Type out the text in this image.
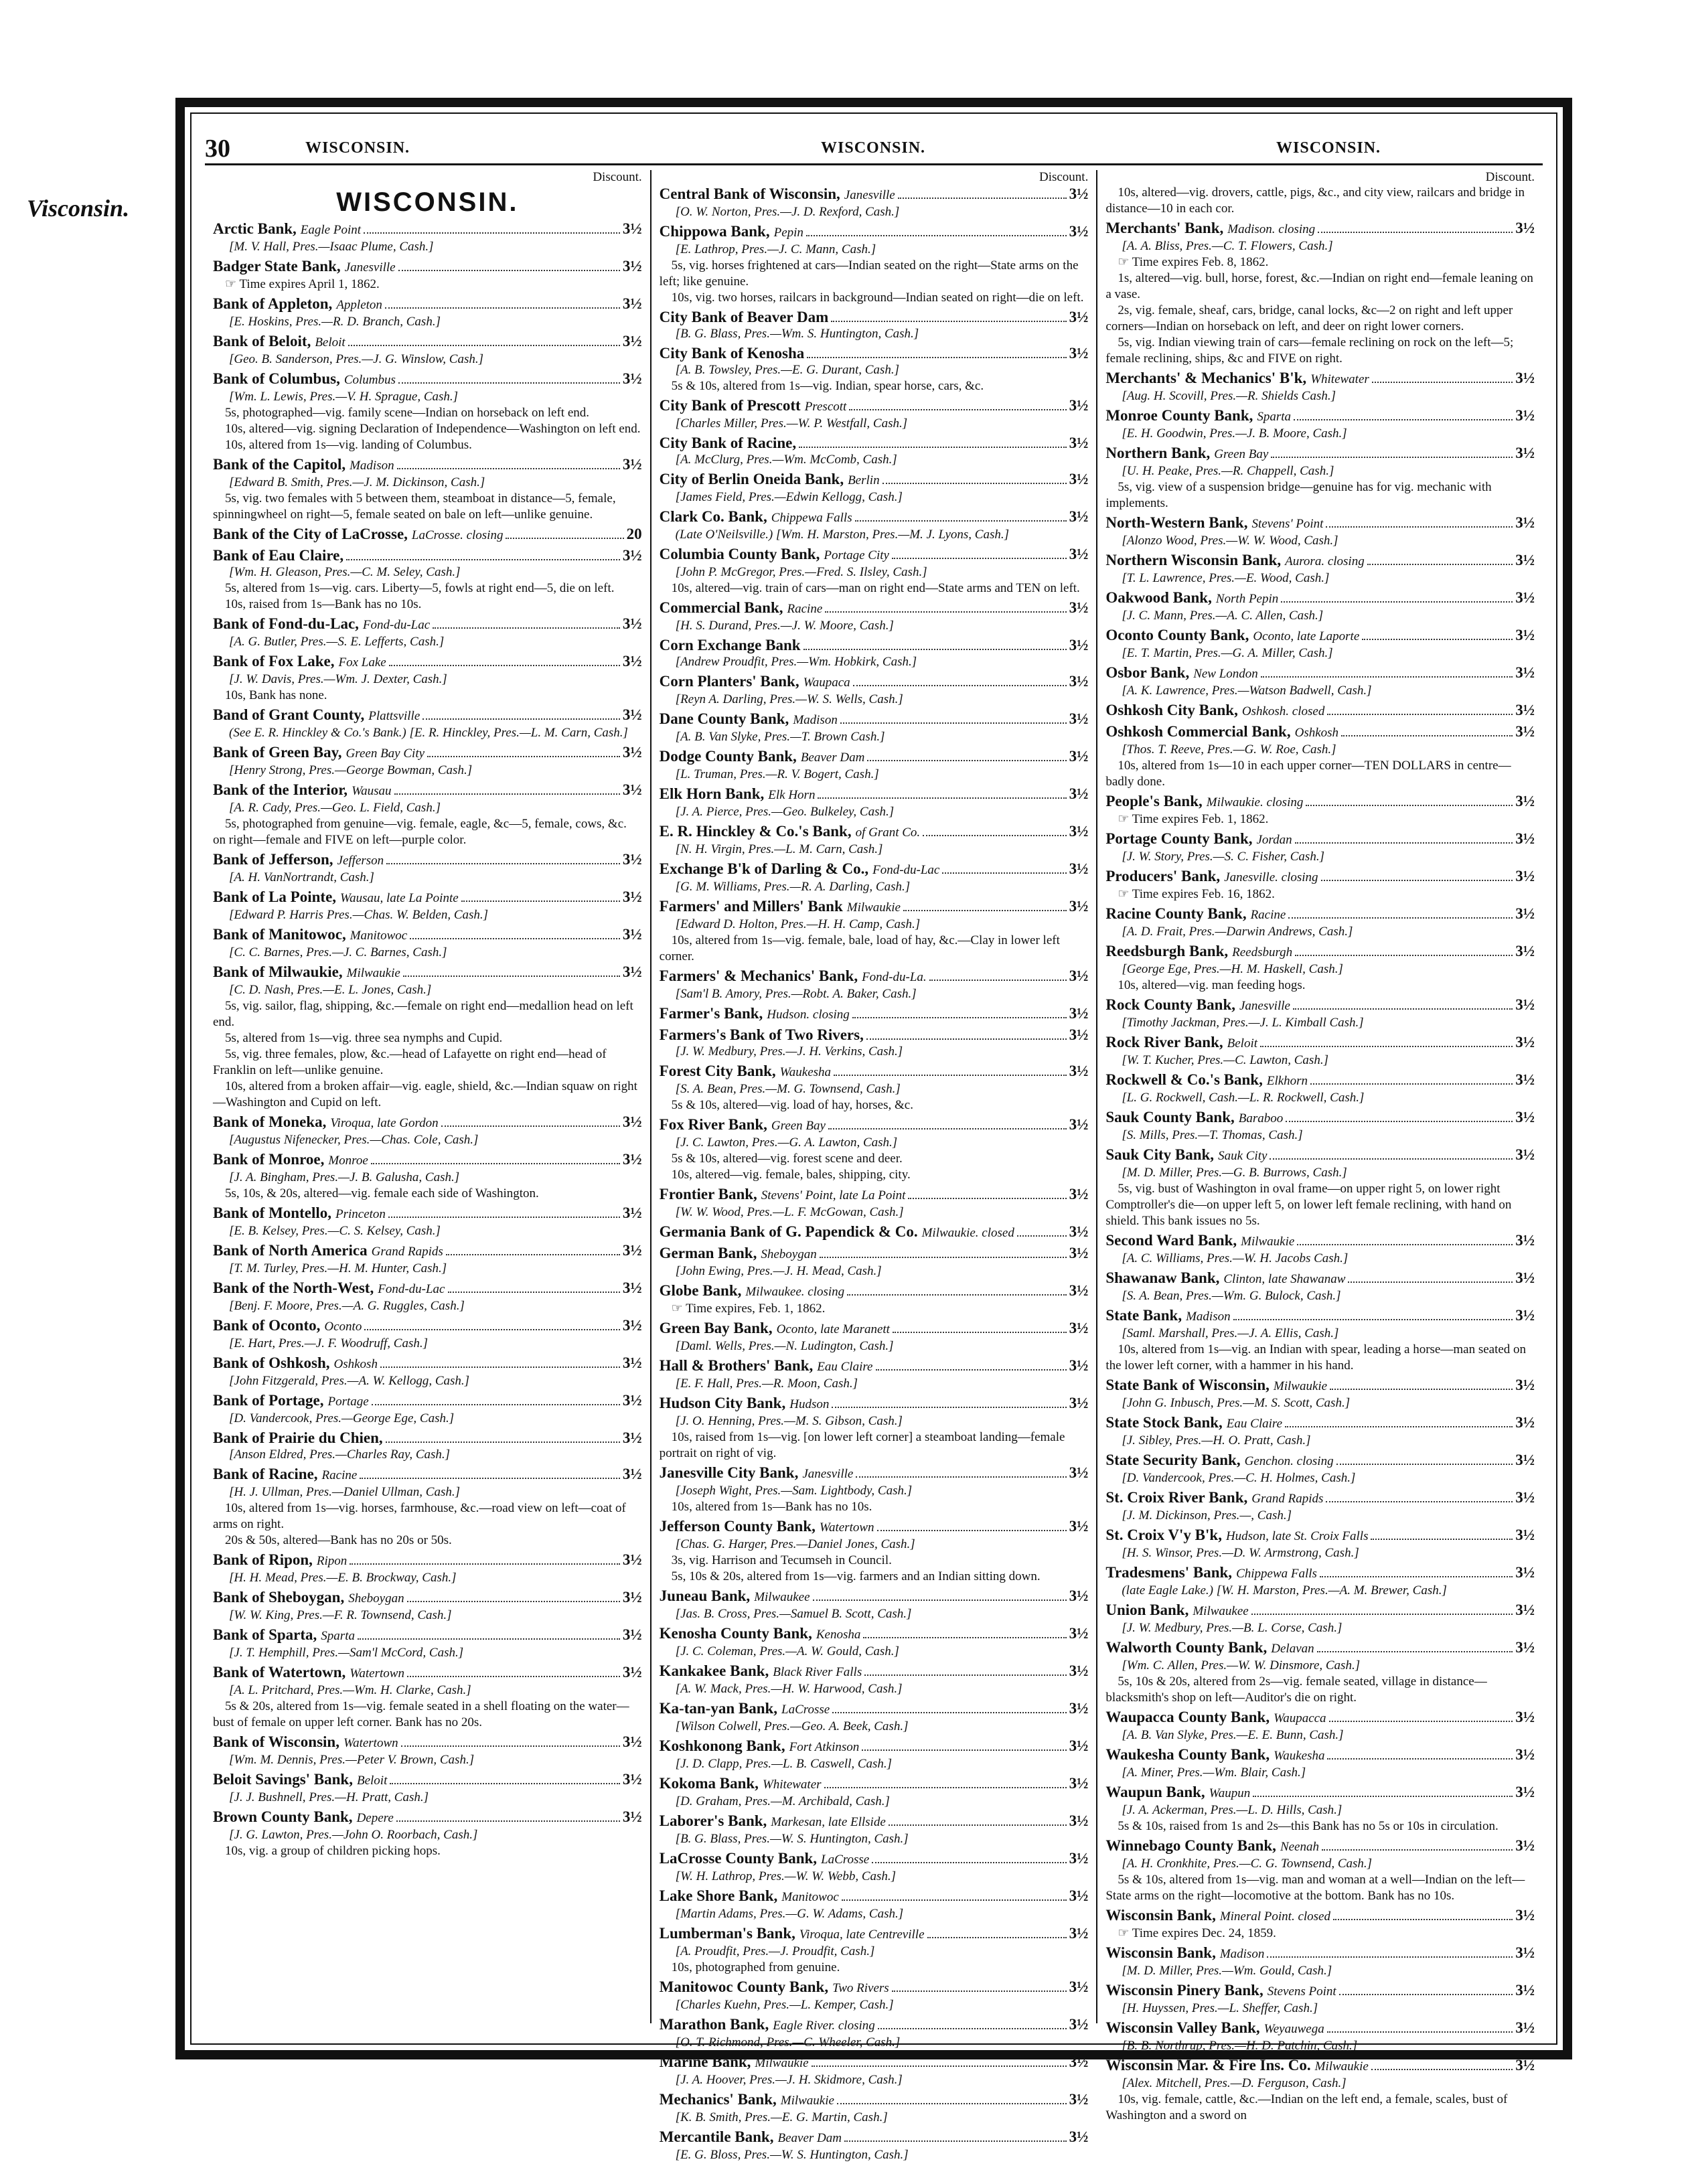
Visconsin.
30	WISCONSIN.	WISCONSIN.	WISCONSIN.
Discount.
WISCONSIN.
Arctic Bank, Eagle Point	3½
[M. V. Hall, Pres.—Isaac Plume, Cash.]
Badger State Bank, Janesville	3½
☞ Time expires April 1, 1862.
Bank of Appleton, Appleton	3½
[E. Hoskins, Pres.—R. D. Branch, Cash.]
Bank of Beloit, Beloit	3½
[Geo. B. Sanderson, Pres.—J. G. Winslow, Cash.]
Bank of Columbus, Columbus	3½
[Wm. L. Lewis, Pres.—V. H. Sprague, Cash.]
5s, photographed—vig. family scene—Indian on horseback on left end.
10s, altered—vig. signing Declaration of Independence—Washington on left end.
10s, altered from 1s—vig. landing of Columbus.
Bank of the Capitol, Madison	3½
[Edward B. Smith, Pres.—J. M. Dickinson, Cash.]
5s, vig. two females with 5 between them, steamboat in distance—5, female, spinningwheel on right—5, female seated on bale on left—unlike genuine.
Bank of the City of LaCrosse, LaCrosse. closing	20
Bank of Eau Claire,	3½
[Wm. H. Gleason, Pres.—C. M. Seley, Cash.]
5s, altered from 1s—vig. cars. Liberty—5, fowls at right end—5, die on left.
10s, raised from 1s—Bank has no 10s.
Bank of Fond-du-Lac, Fond-du-Lac	3½
[A. G. Butler, Pres.—S. E. Lefferts, Cash.]
Bank of Fox Lake, Fox Lake	3½
[J. W. Davis, Pres.—Wm. J. Dexter, Cash.]
10s, Bank has none.
Band of Grant County, Plattsville	3½
(See E. R. Hinckley & Co.'s Bank.) [E. R. Hinckley, Pres.—L. M. Carn, Cash.]
Bank of Green Bay, Green Bay City	3½
[Henry Strong, Pres.—George Bowman, Cash.]
Bank of the Interior, Wausau	3½
[A. R. Cady, Pres.—Geo. L. Field, Cash.]
5s, photographed from genuine—vig. female, eagle, &c—5, female, cows, &c. on right—female and FIVE on left—purple color.
Bank of Jefferson, Jefferson	3½
[A. H. VanNortrandt, Cash.]
Bank of La Pointe, Wausau, late La Pointe	3½
[Edward P. Harris Pres.—Chas. W. Belden, Cash.]
Bank of Manitowoc, Manitowoc	3½
[C. C. Barnes, Pres.—J. C. Barnes, Cash.]
Bank of Milwaukie, Milwaukie	3½
[C. D. Nash, Pres.—E. L. Jones, Cash.]
5s, vig. sailor, flag, shipping, &c.—female on right end—medallion head on left end.
5s, altered from 1s—vig. three sea nymphs and Cupid.
5s, vig. three females, plow, &c.—head of Lafayette on right end—head of Franklin on left—unlike genuine.
10s, altered from a broken affair—vig. eagle, shield, &c.—Indian squaw on right—Washington and Cupid on left.
Bank of Moneka, Viroqua, late Gordon	3½
[Augustus Nifenecker, Pres.—Chas. Cole, Cash.]
Bank of Monroe, Monroe	3½
[J. A. Bingham, Pres.—J. B. Galusha, Cash.]
5s, 10s, & 20s, altered—vig. female each side of Washington.
Bank of Montello, Princeton	3½
[E. B. Kelsey, Pres.—C. S. Kelsey, Cash.]
Bank of North America Grand Rapids	3½
[T. M. Turley, Pres.—H. M. Hunter, Cash.]
Bank of the North-West, Fond-du-Lac	3½
[Benj. F. Moore, Pres.—A. G. Ruggles, Cash.]
Bank of Oconto, Oconto	3½
[E. Hart, Pres.—J. F. Woodruff, Cash.]
Bank of Oshkosh, Oshkosh	3½
[John Fitzgerald, Pres.—A. W. Kellogg, Cash.]
Bank of Portage, Portage	3½
[D. Vandercook, Pres.—George Ege, Cash.]
Bank of Prairie du Chien,	3½
[Anson Eldred, Pres.—Charles Ray, Cash.]
Bank of Racine, Racine	3½
[H. J. Ullman, Pres.—Daniel Ullman, Cash.]
10s, altered from 1s—vig. horses, farmhouse, &c.—road view on left—coat of arms on right.
20s & 50s, altered—Bank has no 20s or 50s.
Bank of Ripon, Ripon	3½
[H. H. Mead, Pres.—E. B. Brockway, Cash.]
Bank of Sheboygan, Sheboygan	3½
[W. W. King, Pres.—F. R. Townsend, Cash.]
Bank of Sparta, Sparta	3½
[J. T. Hemphill, Pres.—Sam'l McCord, Cash.]
Bank of Watertown, Watertown	3½
[A. L. Pritchard, Pres.—Wm. H. Clarke, Cash.]
5s & 20s, altered from 1s—vig. female seated in a shell floating on the water—bust of female on upper left corner. Bank has no 20s.
Bank of Wisconsin, Watertown	3½
[Wm. M. Dennis, Pres.—Peter V. Brown, Cash.]
Beloit Savings' Bank, Beloit	3½
[J. J. Bushnell, Pres.—H. Pratt, Cash.]
Brown County Bank, Depere	3½
[J. G. Lawton, Pres.—John O. Roorbach, Cash.]
10s, vig. a group of children picking hops.
Discount.
Central Bank of Wisconsin, Janesville	3½
[O. W. Norton, Pres.—J. D. Rexford, Cash.]
Chippowa Bank, Pepin	3½
[E. Lathrop, Pres.—J. C. Mann, Cash.]
5s, vig. horses frightened at cars—Indian seated on the right—State arms on the left; like genuine.
10s, vig. two horses, railcars in background—Indian seated on right—die on left.
City Bank of Beaver Dam	3½
[B. G. Blass, Pres.—Wm. S. Huntington, Cash.]
City Bank of Kenosha	3½
[A. B. Towsley, Pres.—E. G. Durant, Cash.]
5s & 10s, altered from 1s—vig. Indian, spear horse, cars, &c.
City Bank of Prescott Prescott	3½
[Charles Miller, Pres.—W. P. Westfall, Cash.]
City Bank of Racine,	3½
[A. McClurg, Pres.—Wm. McComb, Cash.]
City of Berlin Oneida Bank, Berlin	3½
[James Field, Pres.—Edwin Kellogg, Cash.]
Clark Co. Bank, Chippewa Falls	3½
(Late O'Neilsville.) [Wm. H. Marston, Pres.—M. J. Lyons, Cash.]
Columbia County Bank, Portage City	3½
[John P. McGregor, Pres.—Fred. S. Ilsley, Cash.]
10s, altered—vig. train of cars—man on right end—State arms and TEN on left.
Commercial Bank, Racine	3½
[H. S. Durand, Pres.—J. W. Moore, Cash.]
Corn Exchange Bank	3½
[Andrew Proudfit, Pres.—Wm. Hobkirk, Cash.]
Corn Planters' Bank, Waupaca	3½
[Reyn A. Darling, Pres.—W. S. Wells, Cash.]
Dane County Bank, Madison	3½
[A. B. Van Slyke, Pres.—T. Brown Cash.]
Dodge County Bank, Beaver Dam	3½
[L. Truman, Pres.—R. V. Bogert, Cash.]
Elk Horn Bank, Elk Horn	3½
[J. A. Pierce, Pres.—Geo. Bulkeley, Cash.]
E. R. Hinckley & Co.'s Bank, of Grant Co.	3½
[N. H. Virgin, Pres.—L. M. Carn, Cash.]
Exchange B'k of Darling & Co., Fond-du-Lac	3½
[G. M. Williams, Pres.—R. A. Darling, Cash.]
Farmers' and Millers' Bank Milwaukie	3½
[Edward D. Holton, Pres.—H. H. Camp, Cash.]
10s, altered from 1s—vig. female, bale, load of hay, &c.—Clay in lower left corner.
Farmers' & Mechanics' Bank, Fond-du-La.	3½
[Sam'l B. Amory, Pres.—Robt. A. Baker, Cash.]
Farmer's Bank, Hudson. closing	3½
Farmers's Bank of Two Rivers,	3½
[J. W. Medbury, Pres.—J. H. Verkins, Cash.]
Forest City Bank, Waukesha	3½
[S. A. Bean, Pres.—M. G. Townsend, Cash.]
5s & 10s, altered—vig. load of hay, horses, &c.
Fox River Bank, Green Bay	3½
[J. C. Lawton, Pres.—G. A. Lawton, Cash.]
5s & 10s, altered—vig. forest scene and deer.
10s, altered—vig. female, bales, shipping, city.
Frontier Bank, Stevens' Point, late La Point	3½
[W. W. Wood, Pres.—L. F. McGowan, Cash.]
Germania Bank of G. Papendick & Co. Milwaukie. closed	3½
German Bank, Sheboygan	3½
[John Ewing, Pres.—J. H. Mead, Cash.]
Globe Bank, Milwaukee. closing	3½
☞ Time expires, Feb. 1, 1862.
Green Bay Bank, Oconto, late Maranett	3½
[Daml. Wells, Pres.—N. Ludington, Cash.]
Hall & Brothers' Bank, Eau Claire	3½
[E. F. Hall, Pres.—R. Moon, Cash.]
Hudson City Bank, Hudson	3½
[J. O. Henning, Pres.—M. S. Gibson, Cash.]
10s, raised from 1s—vig. [on lower left corner] a steamboat landing—female portrait on right of vig.
Janesville City Bank, Janesville	3½
[Joseph Wight, Pres.—Sam. Lightbody, Cash.]
10s, altered from 1s—Bank has no 10s.
Jefferson County Bank, Watertown	3½
[Chas. G. Harger, Pres.—Daniel Jones, Cash.]
3s, vig. Harrison and Tecumseh in Council.
5s, 10s & 20s, altered from 1s—vig. farmers and an Indian sitting down.
Juneau Bank, Milwaukee	3½
[Jas. B. Cross, Pres.—Samuel B. Scott, Cash.]
Kenosha County Bank, Kenosha	3½
[J. C. Coleman, Pres.—A. W. Gould, Cash.]
Kankakee Bank, Black River Falls	3½
[A. W. Mack, Pres.—H. W. Harwood, Cash.]
Ka-tan-yan Bank, LaCrosse	3½
[Wilson Colwell, Pres.—Geo. A. Beek, Cash.]
Koshkonong Bank, Fort Atkinson	3½
[J. D. Clapp, Pres.—L. B. Caswell, Cash.]
Kokoma Bank, Whitewater	3½
[D. Graham, Pres.—M. Archibald, Cash.]
Laborer's Bank, Markesan, late Ellside	3½
[B. G. Blass, Pres.—W. S. Huntington, Cash.]
LaCrosse County Bank, LaCrosse	3½
[W. H. Lathrop, Pres.—W. W. Webb, Cash.]
Lake Shore Bank, Manitowoc	3½
[Martin Adams, Pres.—G. W. Adams, Cash.]
Lumberman's Bank, Viroqua, late Centreville	3½
[A. Proudfit, Pres.—J. Proudfit, Cash.]
10s, photographed from genuine.
Manitowoc County Bank, Two Rivers	3½
[Charles Kuehn, Pres.—L. Kemper, Cash.]
Marathon Bank, Eagle River. closing	3½
[O. T. Richmond, Pres.—C. Wheeler, Cash.]
Marine Bank, Milwaukie	3½
[J. A. Hoover, Pres.—J. H. Skidmore, Cash.]
Mechanics' Bank, Milwaukie	3½
[K. B. Smith, Pres.—E. G. Martin, Cash.]
Mercantile Bank, Beaver Dam	3½
[E. G. Bloss, Pres.—W. S. Huntington, Cash.]
Discount.
10s, altered—vig. drovers, cattle, pigs, &c., and city view, railcars and bridge in distance—10 in each cor.
Merchants' Bank, Madison. closing	3½
[A. A. Bliss, Pres.—C. T. Flowers, Cash.]
☞ Time expires Feb. 8, 1862.
1s, altered—vig. bull, horse, forest, &c.—Indian on right end—female leaning on a vase.
2s, vig. female, sheaf, cars, bridge, canal locks, &c—2 on right and left upper corners—Indian on horseback on left, and deer on right lower corners.
5s, vig. Indian viewing train of cars—female reclining on rock on the left—5; female reclining, ships, &c and FIVE on right.
Merchants' & Mechanics' B'k, Whitewater	3½
[Aug. H. Scovill, Pres.—R. Shields Cash.]
Monroe County Bank, Sparta	3½
[E. H. Goodwin, Pres.—J. B. Moore, Cash.]
Northern Bank, Green Bay	3½
[U. H. Peake, Pres.—R. Chappell, Cash.]
5s, vig. view of a suspension bridge—genuine has for vig. mechanic with implements.
North-Western Bank, Stevens' Point	3½
[Alonzo Wood, Pres.—W. W. Wood, Cash.]
Northern Wisconsin Bank, Aurora. closing	3½
[T. L. Lawrence, Pres.—E. Wood, Cash.]
Oakwood Bank, North Pepin	3½
[J. C. Mann, Pres.—A. C. Allen, Cash.]
Oconto County Bank, Oconto, late Laporte	3½
[E. T. Martin, Pres.—G. A. Miller, Cash.]
Osbor Bank, New London	3½
[A. K. Lawrence, Pres.—Watson Badwell, Cash.]
Oshkosh City Bank, Oshkosh. closed	3½
Oshkosh Commercial Bank, Oshkosh	3½
[Thos. T. Reeve, Pres.—G. W. Roe, Cash.]
10s, altered from 1s—10 in each upper corner—TEN DOLLARS in centre—badly done.
People's Bank, Milwaukie. closing	3½
☞ Time expires Feb. 1, 1862.
Portage County Bank, Jordan	3½
[J. W. Story, Pres.—S. C. Fisher, Cash.]
Producers' Bank, Janesville. closing	3½
☞ Time expires Feb. 16, 1862.
Racine County Bank, Racine	3½
[A. D. Frait, Pres.—Darwin Andrews, Cash.]
Reedsburgh Bank, Reedsburgh	3½
[George Ege, Pres.—H. M. Haskell, Cash.]
10s, altered—vig. man feeding hogs.
Rock County Bank, Janesville	3½
[Timothy Jackman, Pres.—J. L. Kimball Cash.]
Rock River Bank, Beloit	3½
[W. T. Kucher, Pres.—C. Lawton, Cash.]
Rockwell & Co.'s Bank, Elkhorn	3½
[L. G. Rockwell, Cash.—L. R. Rockwell, Cash.]
Sauk County Bank, Baraboo	3½
[S. Mills, Pres.—T. Thomas, Cash.]
Sauk City Bank, Sauk City	3½
[M. D. Miller, Pres.—G. B. Burrows, Cash.]
5s, vig. bust of Washington in oval frame—on upper right 5, on lower right Comptroller's die—on upper left 5, on lower left female reclining, with hand on shield. This bank issues no 5s.
Second Ward Bank, Milwaukie	3½
[A. C. Williams, Pres.—W. H. Jacobs Cash.]
Shawanaw Bank, Clinton, late Shawanaw	3½
[S. A. Bean, Pres.—Wm. G. Bulock, Cash.]
State Bank, Madison	3½
[Saml. Marshall, Pres.—J. A. Ellis, Cash.]
10s, altered from 1s—vig. an Indian with spear, leading a horse—man seated on the lower left corner, with a hammer in his hand.
State Bank of Wisconsin, Milwaukie	3½
[John G. Inbusch, Pres.—M. S. Scott, Cash.]
State Stock Bank, Eau Claire	3½
[J. Sibley, Pres.—H. O. Pratt, Cash.]
State Security Bank, Genchon. closing	3½
[D. Vandercook, Pres.—C. H. Holmes, Cash.]
St. Croix River Bank, Grand Rapids	3½
[J. M. Dickinson, Pres.—, Cash.]
St. Croix V'y B'k, Hudson, late St. Croix Falls	3½
[H. S. Winsor, Pres.—D. W. Armstrong, Cash.]
Tradesmens' Bank, Chippewa Falls	3½
(late Eagle Lake.) [W. H. Marston, Pres.—A. M. Brewer, Cash.]
Union Bank, Milwaukee	3½
[J. W. Medbury, Pres.—B. L. Corse, Cash.]
Walworth County Bank, Delavan	3½
[Wm. C. Allen, Pres.—W. W. Dinsmore, Cash.]
5s, 10s & 20s, altered from 2s—vig. female seated, village in distance—blacksmith's shop on left—Auditor's die on right.
Waupacca County Bank, Waupacca	3½
[A. B. Van Slyke, Pres.—E. E. Bunn, Cash.]
Waukesha County Bank, Waukesha	3½
[A. Miner, Pres.—Wm. Blair, Cash.]
Waupun Bank, Waupun	3½
[J. A. Ackerman, Pres.—L. D. Hills, Cash.]
5s & 10s, raised from 1s and 2s—this Bank has no 5s or 10s in circulation.
Winnebago County Bank, Neenah	3½
[A. H. Cronkhite, Pres.—C. G. Townsend, Cash.]
5s & 10s, altered from 1s—vig. man and woman at a well—Indian on the left—State arms on the right—locomotive at the bottom. Bank has no 10s.
Wisconsin Bank, Mineral Point. closed	3½
☞ Time expires Dec. 24, 1859.
Wisconsin Bank, Madison	3½
[M. D. Miller, Pres.—Wm. Gould, Cash.]
Wisconsin Pinery Bank, Stevens Point	3½
[H. Huyssen, Pres.—L. Sheffer, Cash.]
Wisconsin Valley Bank, Weyauwega	3½
[B. B. Northrup, Pres.—H. D. Patchin, Cash.]
Wisconsin Mar. & Fire Ins. Co. Milwaukie	3½
[Alex. Mitchell, Pres.—D. Ferguson, Cash.]
10s, vig. female, cattle, &c.—Indian on the left end, a female, scales, bust of Washington and a sword on
